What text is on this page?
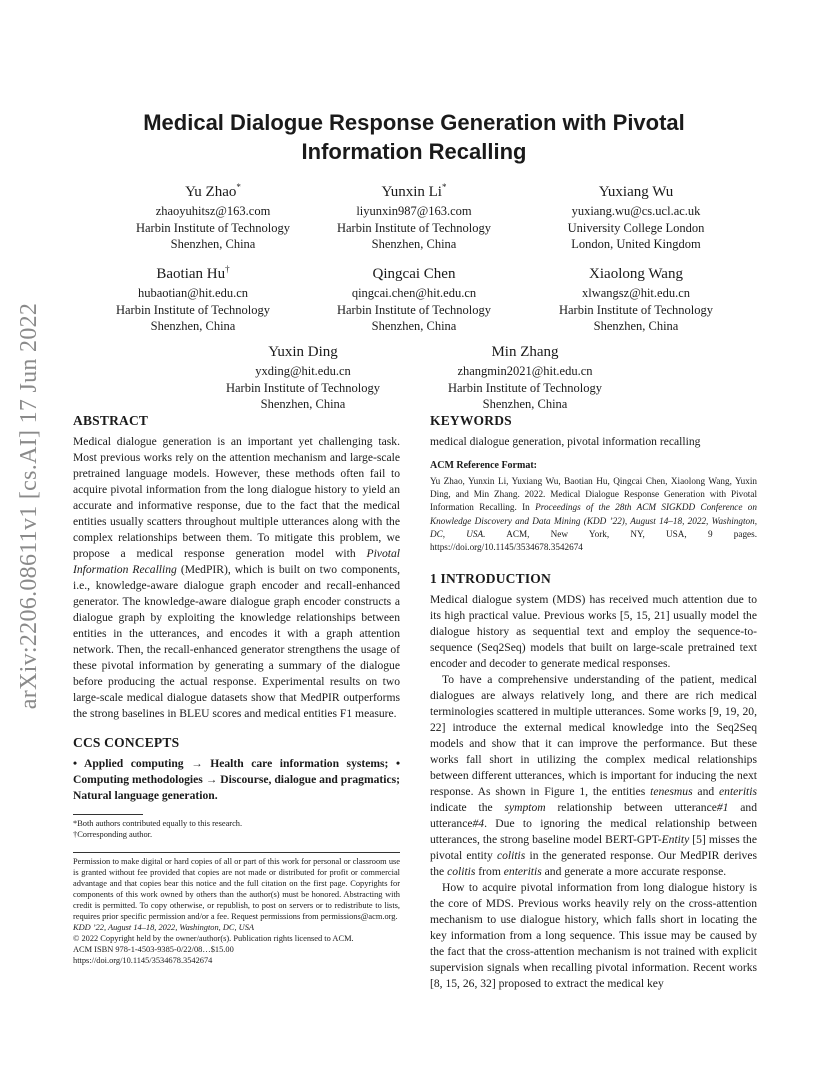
arXiv:2206.08611v1 [cs.AI] 17 Jun 2022
Medical Dialogue Response Generation with Pivotal Information Recalling
Yu Zhao*
zhaoyuhitsz@163.com
Harbin Institute of Technology
Shenzhen, China
Yunxin Li*
liyunxin987@163.com
Harbin Institute of Technology
Shenzhen, China
Yuxiang Wu
yuxiang.wu@cs.ucl.ac.uk
University College London
London, United Kingdom
Baotian Hu†
hubaotian@hit.edu.cn
Harbin Institute of Technology
Shenzhen, China
Qingcai Chen
qingcai.chen@hit.edu.cn
Harbin Institute of Technology
Shenzhen, China
Xiaolong Wang
xlwangsz@hit.edu.cn
Harbin Institute of Technology
Shenzhen, China
Yuxin Ding
yxding@hit.edu.cn
Harbin Institute of Technology
Shenzhen, China
Min Zhang
zhangmin2021@hit.edu.cn
Harbin Institute of Technology
Shenzhen, China
ABSTRACT

Medical dialogue generation is an important yet challenging task. Most previous works rely on the attention mechanism and large-scale pretrained language models. However, these methods often fail to acquire pivotal information from the long dialogue history to yield an accurate and informative response, due to the fact that the medical entities usually scatters throughout multiple utterances along with the complex relationships between them. To mitigate this problem, we propose a medical response generation model with Pivotal Information Recalling (MedPIR), which is built on two components, i.e., knowledge-aware dialogue graph encoder and recall-enhanced generator. The knowledge-aware dialogue graph encoder constructs a dialogue graph by exploiting the knowledge relationships between entities in the utterances, and encodes it with a graph attention network. Then, the recall-enhanced generator strengthens the usage of these pivotal information by generating a summary of the dialogue before producing the actual response. Experimental results on two large-scale medical dialogue datasets show that MedPIR outperforms the strong baselines in BLEU scores and medical entities F1 measure.

CCS CONCEPTS

• Applied computing → Health care information systems; • Computing methodologies → Discourse, dialogue and pragmatics; Natural language generation.

*Both authors contributed equally to this research.

†Corresponding author.

Permission to make digital or hard copies of all or part of this work for personal or classroom use is granted without fee provided that copies are not made or distributed for profit or commercial advantage and that copies bear this notice and the full citation on the first page. Copyrights for components of this work owned by others than the author(s) must be honored. Abstracting with credit is permitted. To copy otherwise, or republish, to post on servers or to redistribute to lists, requires prior specific permission and/or a fee. Request permissions from permissions@acm.org.

KDD ’22, August 14–18, 2022, Washington, DC, USA

© 2022 Copyright held by the owner/author(s). Publication rights licensed to ACM.

ACM ISBN 978-1-4503-9385-0/22/08…$15.00

https://doi.org/10.1145/3534678.3542674

KEYWORDS

medical dialogue generation, pivotal information recalling

ACM Reference Format:

Yu Zhao, Yunxin Li, Yuxiang Wu, Baotian Hu, Qingcai Chen, Xiaolong Wang, Yuxin Ding, and Min Zhang. 2022. Medical Dialogue Response Generation with Pivotal Information Recalling. In Proceedings of the 28th ACM SIGKDD Conference on Knowledge Discovery and Data Mining (KDD ’22), August 14–18, 2022, Washington, DC, USA. ACM, New York, NY, USA, 9 pages. https://doi.org/10.1145/3534678.3542674

1 INTRODUCTION

Medical dialogue system (MDS) has received much attention due to its high practical value. Previous works [5, 15, 21] usually model the dialogue history as sequential text and employ the sequence-to-sequence (Seq2Seq) models that built on large-scale pretrained text encoder and decoder to generate medical responses.

To have a comprehensive understanding of the patient, medical dialogues are always relatively long, and there are rich medical terminologies scattered in multiple utterances. Some works [9, 19, 20, 22] introduce the external medical knowledge into the Seq2Seq models and show that it can improve the performance. But these works fall short in utilizing the complex medical relationships between different utterances, which is important for inducing the next response. As shown in Figure 1, the entities tenesmus and enteritis indicate the symptom relationship between utterance#1 and utterance#4. Due to ignoring the medical relationship between utterances, the strong baseline model BERT-GPT-Entity [5] misses the pivotal entity colitis in the generated response. Our MedPIR derives the colitis from enteritis and generate a more accurate response.

How to acquire pivotal information from long dialogue history is the core of MDS. Previous works heavily rely on the cross-attention mechanism to use dialogue history, which falls short in locating the key information from a long sequence. This issue may be caused by the fact that the cross-attention mechanism is not trained with explicit supervision signals when recalling pivotal information. Recent works [8, 15, 26, 32] proposed to extract the medical key
